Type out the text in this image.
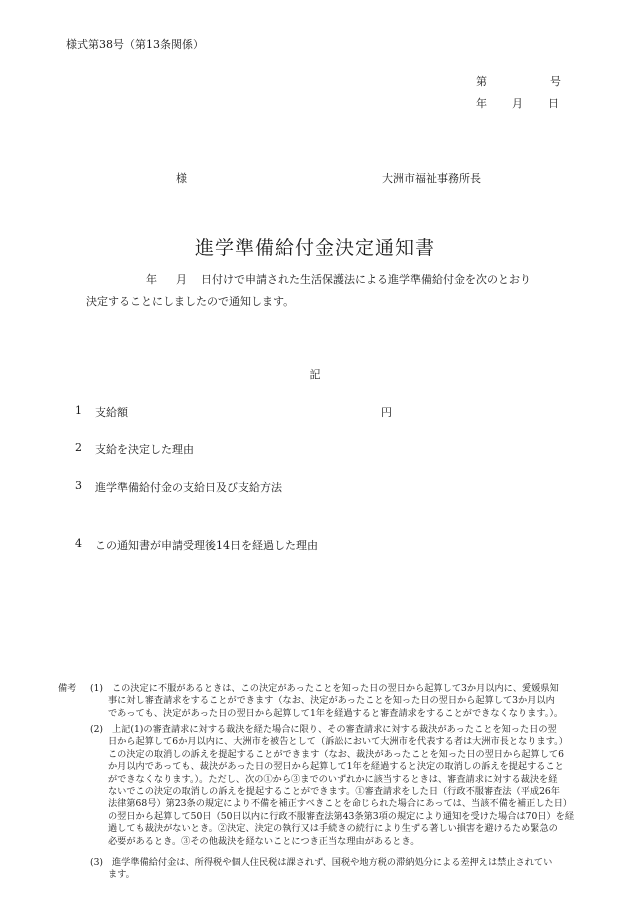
様式第38号（第13条関係）
第	号
年 月 日
様	大洲市福祉事務所長
進学準備給付金決定通知書
年 月 日付けで申請された生活保護法による進学準備給付金を次のとおり
決定することにしましたので通知します。
記
1 支給額	円
2 支給を決定した理由
3 進学準備給付金の支給日及び支給方法
4 この通知書が申請受理後14日を経過した理由
備考 (1) この決定に不服があるときは、この決定があったことを知った日の翌日から起算して3か月以内に、愛媛県知
事に対し審査請求をすることができます（なお、決定があったことを知った日の翌日から起算して3か月以内
であっても、決定があった日の翌日から起算して1年を経過すると審査請求をすることができなくなります。）。
(2) 上記(1)の審査請求に対する裁決を経た場合に限り、その審査請求に対する裁決があったことを知った日の翌
日から起算して6か月以内に、大洲市を被告として（訴訟において大洲市を代表する者は大洲市長となります。）
この決定の取消しの訴えを提起することができます（なお、裁決があったことを知った日の翌日から起算して6
か月以内であっても、裁決があった日の翌日から起算して1年を経過すると決定の取消しの訴えを提起すること
ができなくなります。）。ただし、次の①から③までのいずれかに該当するときは、審査請求に対する裁決を経
ないでこの決定の取消しの訴えを提起することができます。①審査請求をした日（行政不服審査法（平成26年
法律第68号）第23条の規定により不備を補正すべきことを命じられた場合にあっては、当該不備を補正した日）
の翌日から起算して50日（50日以内に行政不服審査法第43条第3項の規定により通知を受けた場合は70日）を経
過しても裁決がないとき。②決定、決定の執行又は手続きの続行により生ずる著しい損害を避けるため緊急の
必要があるとき。③その他裁決を経ないことにつき正当な理由があるとき。
(3) 進学準備給付金は、所得税や個人住民税は課されず、国税や地方税の滞納処分による差押えは禁止されてい
ます。
